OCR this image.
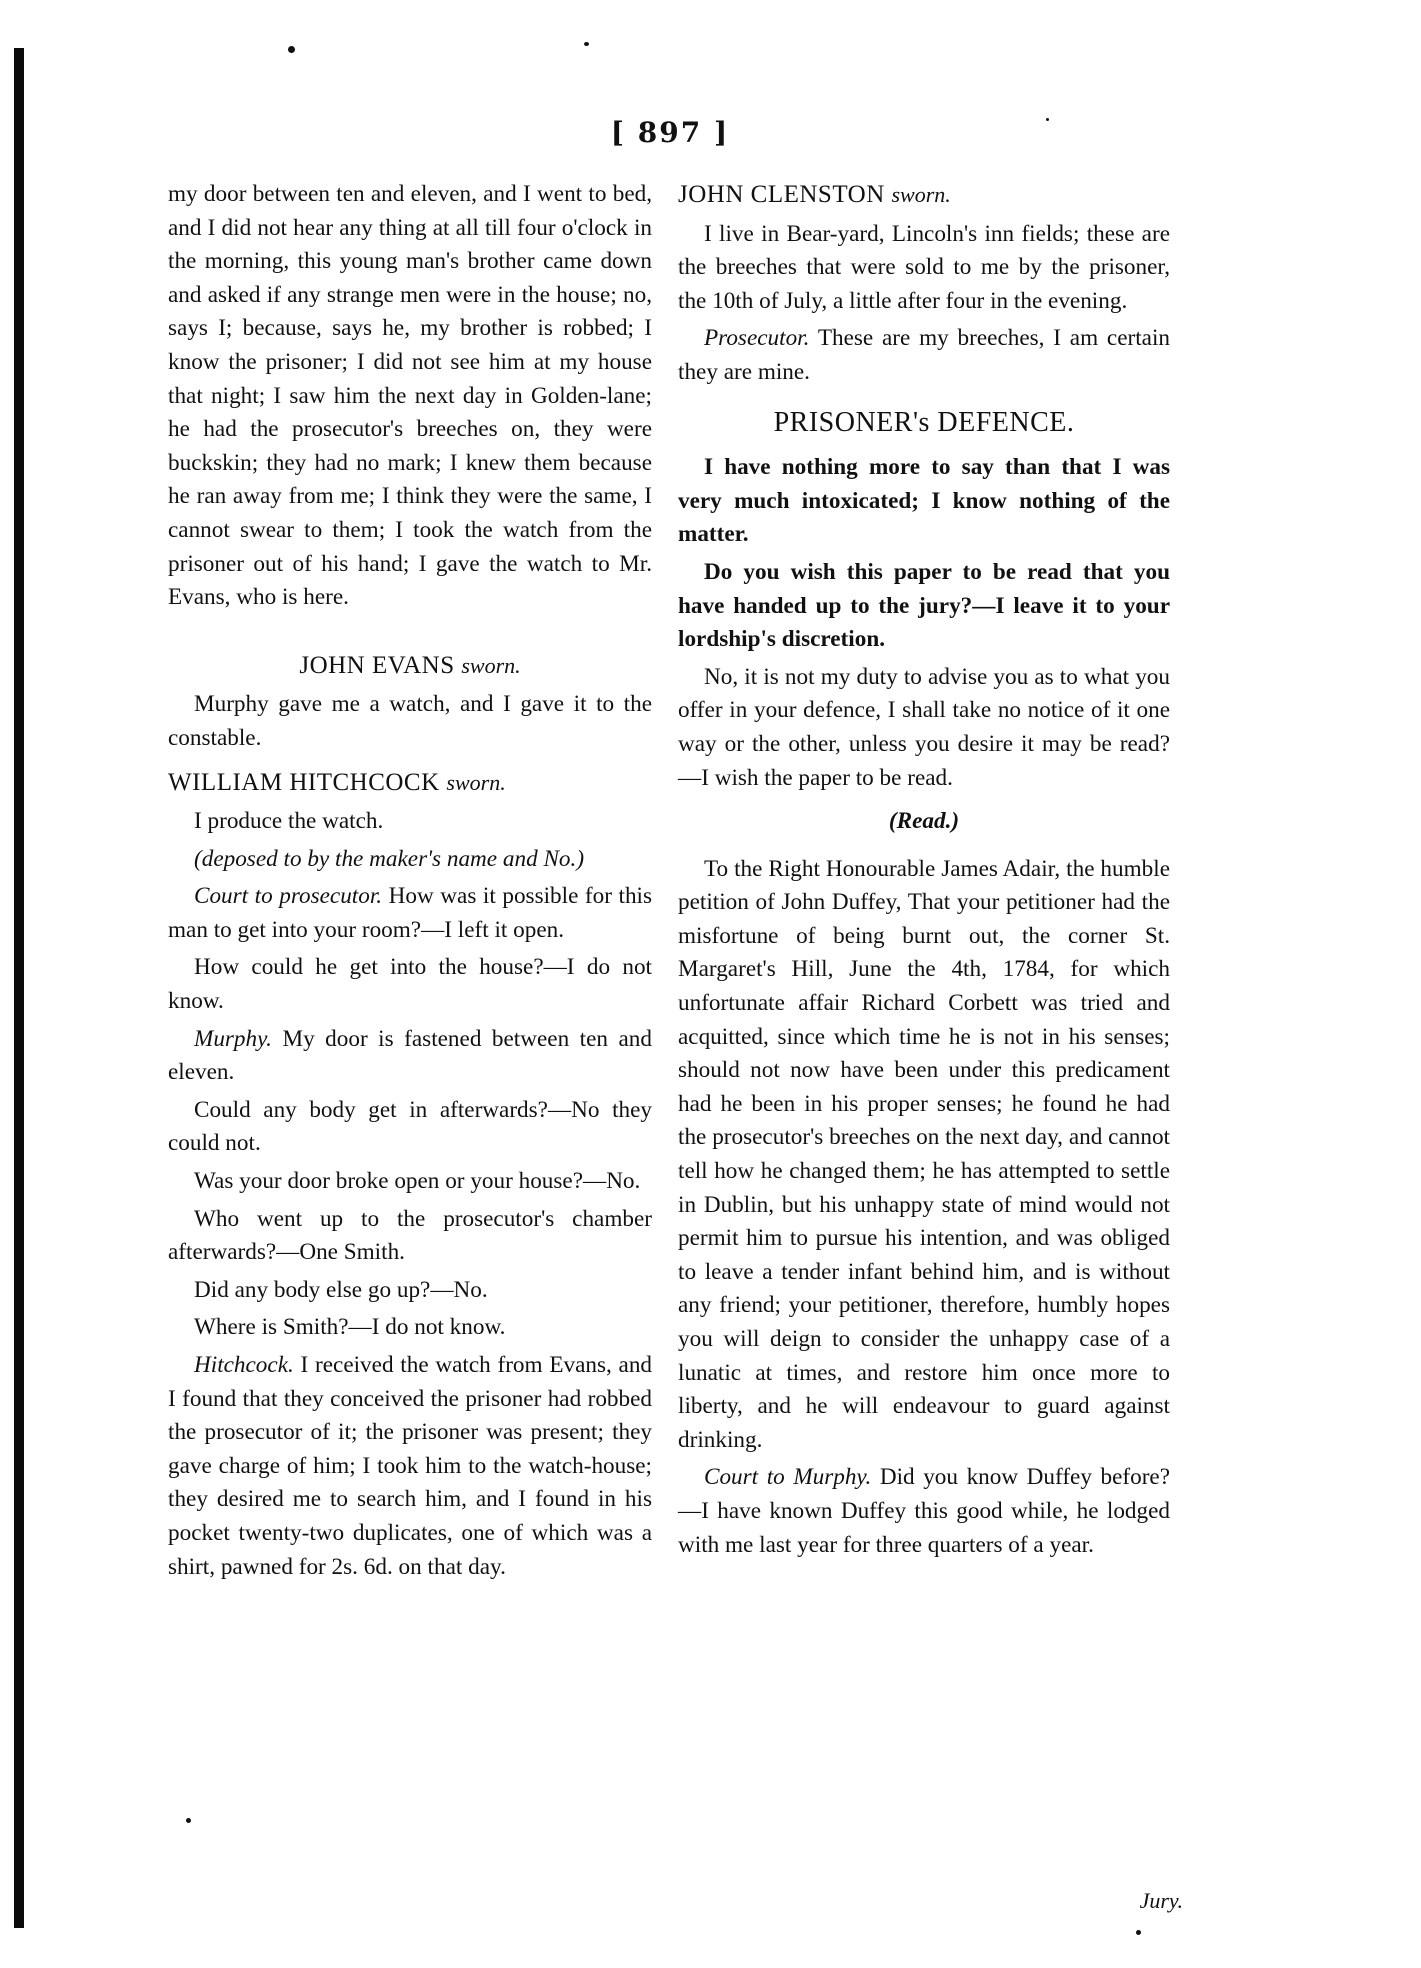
[ 897 ]

my door between ten and eleven, and I went to bed, and I did not hear any thing at all till four o'clock in the morning, this young man's brother came down and asked if any strange men were in the house; no, says I; because, says he, my brother is robbed; I know the prisoner; I did not see him at my house that night; I saw him the next day in Golden-lane; he had the prosecutor's breeches on, they were buckskin; they had no mark; I knew them because he ran away from me; I think they were the same, I cannot swear to them; I took the watch from the prisoner out of his hand; I gave the watch to Mr. Evans, who is here.

JOHN EVANS sworn.

Murphy gave me a watch, and I gave it to the constable.

WILLIAM HITCHCOCK sworn.

I produce the watch.

(deposed to by the maker's name and No.)

Court to prosecutor. How was it possible for this man to get into your room?—I left it open.

How could he get into the house?—I do not know.

Murphy. My door is fastened between ten and eleven.

Could any body get in afterwards?—No they could not.

Was your door broke open or your house?—No.

Who went up to the prosecutor's chamber afterwards?—One Smith.

Did any body else go up?—No.

Where is Smith?—I do not know.

Hitchcock. I received the watch from Evans, and I found that they conceived the prisoner had robbed the prosecutor of it; the prisoner was present; they gave charge of him; I took him to the watch-house; they desired me to search him, and I found in his pocket twenty-two duplicates, one of which was a shirt, pawned for 2s. 6d. on that day.

JOHN CLENSTON sworn.

I live in Bear-yard, Lincoln's inn fields; these are the breeches that were sold to me by the prisoner, the 10th of July, a little after four in the evening.

Prosecutor. These are my breeches, I am certain they are mine.

PRISONER's DEFENCE.

I have nothing more to say than that I was very much intoxicated; I know nothing of the matter.

Do you wish this paper to be read that you have handed up to the jury?—I leave it to your lordship's discretion.

No, it is not my duty to advise you as to what you offer in your defence, I shall take no notice of it one way or the other, unless you desire it may be read?—I wish the paper to be read.

(Read.)

To the Right Honourable James Adair, the humble petition of John Duffey, That your petitioner had the misfortune of being burnt out, the corner St. Margaret's Hill, June the 4th, 1784, for which unfortunate affair Richard Corbett was tried and acquitted, since which time he is not in his senses; should not now have been under this predicament had he been in his proper senses; he found he had the prosecutor's breeches on the next day, and cannot tell how he changed them; he has attempted to settle in Dublin, but his unhappy state of mind would not permit him to pursue his intention, and was obliged to leave a tender infant behind him, and is without any friend; your petitioner, therefore, humbly hopes you will deign to consider the unhappy case of a lunatic at times, and restore him once more to liberty, and he will endeavour to guard against drinking.

Court to Murphy. Did you know Duffey before?—I have known Duffey this good while, he lodged with me last year for three quarters of a year.

Jury.
